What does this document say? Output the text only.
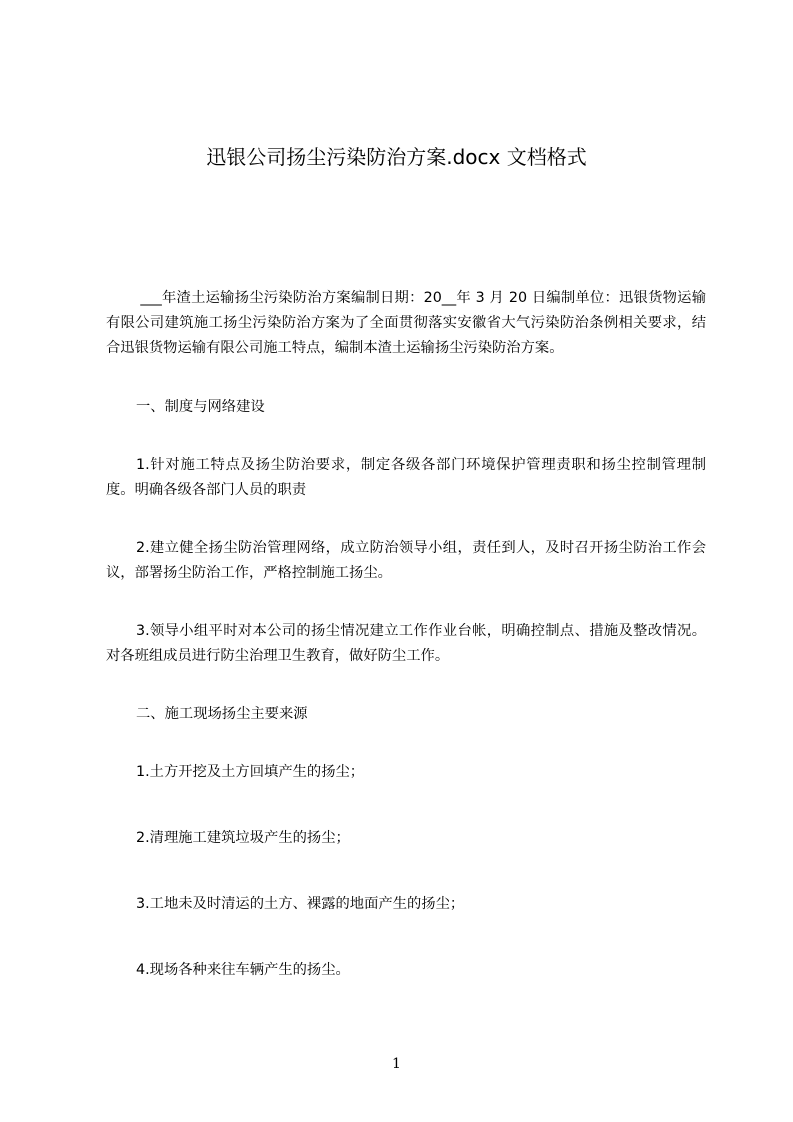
迅银公司扬尘污染防治方案.docx 文档格式

___年渣土运输扬尘污染防治方案编制日期：20__年 3 月 20 日编制单位：迅银货物运输有限公司建筑施工扬尘污染防治方案为了全面贯彻落实安徽省大气污染防治条例相关要求，结合迅银货物运输有限公司施工特点，编制本渣土运输扬尘污染防治方案。

一、制度与网络建设

1.针对施工特点及扬尘防治要求，制定各级各部门环境保护管理责职和扬尘控制管理制度。明确各级各部门人员的职责

2.建立健全扬尘防治管理网络，成立防治领导小组，责任到人，及时召开扬尘防治工作会议，部署扬尘防治工作，严格控制施工扬尘。

3.领导小组平时对本公司的扬尘情况建立工作作业台帐，明确控制点、措施及整改情况。对各班组成员进行防尘治理卫生教育，做好防尘工作。

二、施工现场扬尘主要来源

1.土方开挖及土方回填产生的扬尘；

2.清理施工建筑垃圾产生的扬尘；

3.工地未及时清运的土方、裸露的地面产生的扬尘；

4.现场各种来往车辆产生的扬尘。

1
